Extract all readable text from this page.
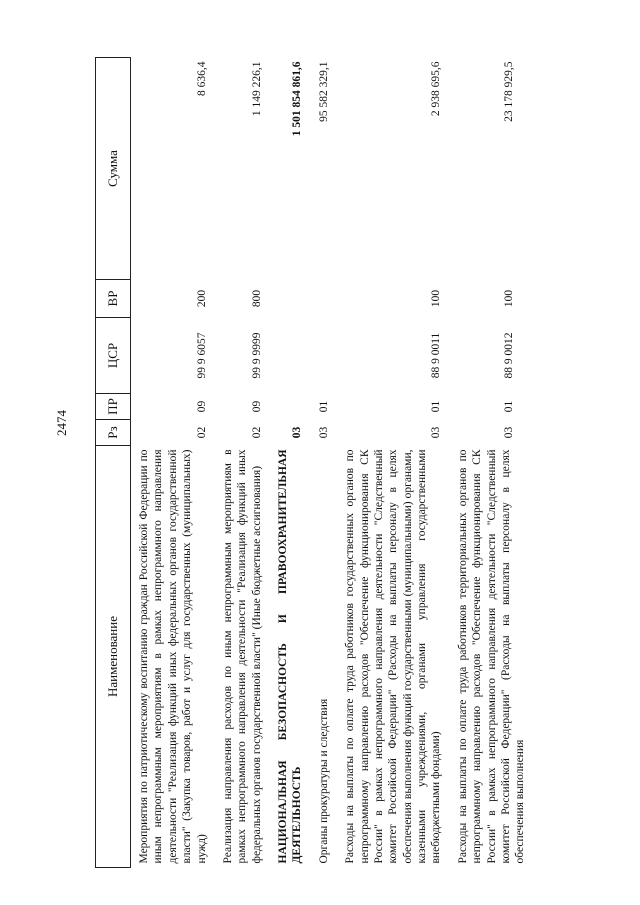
2474
Наименование	Рз	ПР	ЦСР	ВР	Сумма
Мероприятия по патриотическому воспитанию граждан Российской Федерации по иным непрограммным мероприятиям в рамках непрограммного направления деятельности "Реализация функций иных федеральных органов государственной власти" (Закупка товаров, работ и услуг для государственных (муниципальных) нужд)	02	09	99 9 6057	200	8 636,4
Реализация направления расходов по иным непрограммным мероприятиям в рамках непрограммного направления деятельности "Реализация функций иных федеральных органов государственной власти" (Иные бюджетные ассигнования)	02	09	99 9 9999	800	1 149 226,1
НАЦИОНАЛЬНАЯ БЕЗОПАСНОСТЬ И ПРАВООХРАНИТЕЛЬНАЯ ДЕЯТЕЛЬНОСТЬ	03				1 501 854 861,6
Органы прокуратуры и следствия	03	01			95 582 329,1
Расходы на выплаты по оплате труда работников государственных органов по непрограммному направлению расходов "Обеспечение функционирования СК России" в рамках непрограммного направления деятельности "Следственный комитет Российской Федерации" (Расходы на выплаты персоналу в целях обеспечения выполнения функций государственными (муниципальными) органами, казенными учреждениями, органами управления государственными внебюджетными фондами)	03	01	88 9 0011	100	2 938 695,6

Расходы на выплаты по оплате труда работников территориальных органов по непрограммному направлению расходов "Обеспечение функционирования СК России" в рамках непрограммного направления деятельности "Следственный комитет Российской Федерации" (Расходы на выплаты персоналу в целях обеспечения выполнения	03	01	88 9 0012	100	23 178 929,5
